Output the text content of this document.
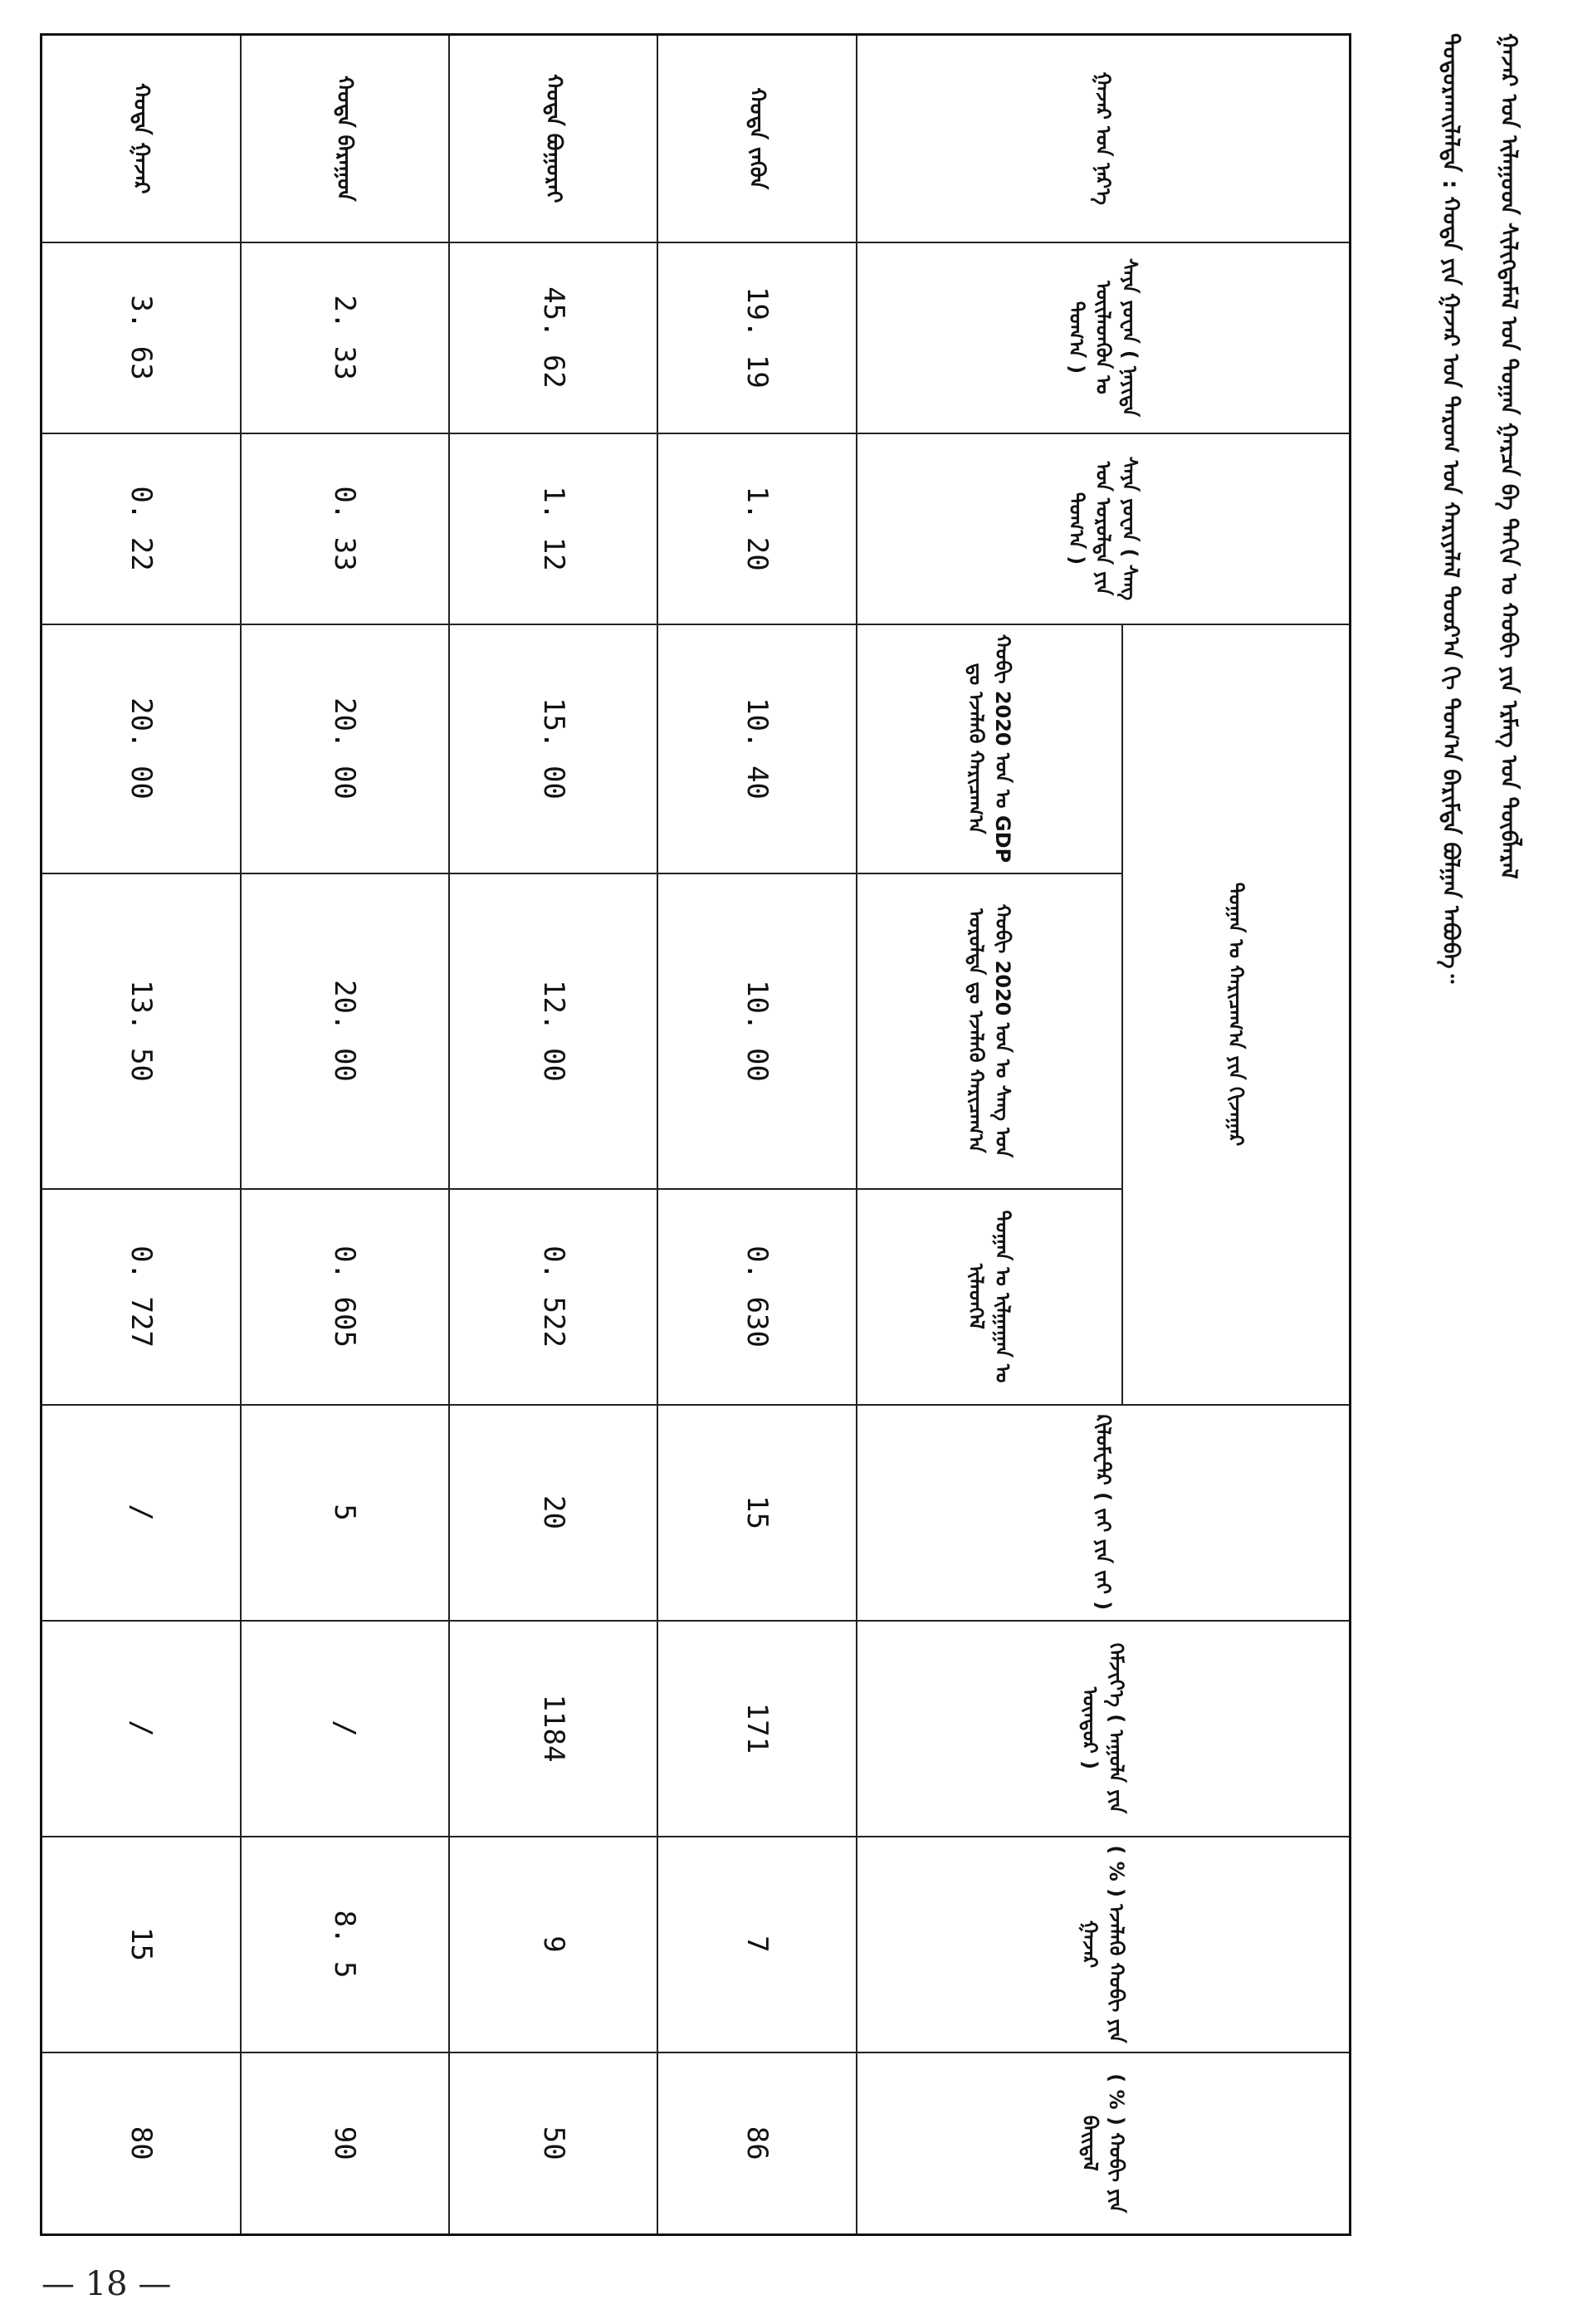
ᠭᠠᠵᠠᠷ ᠤᠨ ᠢᠯᠠᠭᠤᠳ ᠰᠢᠯᠢᠭᠳᠡᠮᠡᠯ ᠤᠨ ᠲᠣᠭᠠᠨ ᠭᠠᠷᠴᠠ ᠪᠠ ᠲᠡᠬᠢᠨ ᠤ ᠬᠤᠪᠢ ᠶᠢᠨ ᠡᠷᠮᠡᠭ ᠤᠨ ᠲᠥᠪᠯᠡᠷᠡᠯ
ᠲᠣᠳᠣᠷᠬᠠᠢᠯᠠᠯᠲᠠ : ᠬᠣᠲᠠ ᠶᠢᠨ ᠭᠠᠵᠠᠷ ᠤᠨ ᠳᠠᠷᠤᠭ ᠤᠨ ᠬᠠᠷᠢᠶᠠᠯᠠᠯ ᠳᠣᠣᠷ᠎ᠠ ᠬᠢ ᠲᠣᠭ᠎ᠠ ᠪᠠᠷᠢᠮᠲᠠ ᠪᠣᠯᠭᠠᠨ ᠠᠪᠤᠪᠠ᠃
ᠭᠠᠵᠠᠷ ᠤᠨ ᠨᠡᠷ᠎ᠡ	ᠰᠠᠶᠠ ᠶᠤᠸᠠᠨ ( ᠨᠡᠶᠢᠲᠡ ᠦᠢᠯᠡᠳᠬᠦᠨ ᠤ ᠲᠣᠭ᠎ᠠ )	ᠰᠠᠶᠠ ᠶᠤᠸᠠᠨ ( ᠰᠠᠩ ᠤᠨ ᠣᠷᠣᠯᠲᠠ ᠶᠢᠨ ᠲᠣᠭ᠎ᠠ )	ᠲᠣᠭᠠᠨ ᠤ ᠬᠠᠷᠢᠴᠠᠭ᠎ᠠ ᠶᠢᠨ ᠬᠢᠵᠠᠭᠠᠷ			ᠺᠢᠯᠣᠮᠧᠲ᠋ᠷ ( ᠵᠠᠢ ᠶᠢᠨ ᠵᠠᠢ )	ᠬᠡᠮᠵᠢᠶ᠎ᠡ ( ᠠᠭᠤᠯᠠ ᠶᠢᠨ ᠥᠨᠳᠥᠷ )	( % ) ᠡᠵᠡᠯᠡᠬᠦ ᠬᠤᠪᠢ ᠶᠢᠨ ᠭᠠᠵᠠᠷ	( % ) ᠬᠤᠪᠢ ᠶᠢᠨ ᠪᠠᠢᠳᠠᠯ
			ᠬᠤᠪᠢ 2020 ᠣᠨ ᠤ GDP ᠳᠤ ᠡᠵᠡᠯᠡᠬᠦ ᠬᠠᠷᠢᠴᠠᠭ᠎ᠠ	ᠬᠤᠪᠢ 2020 ᠣᠨ ᠤ ᠰᠠᠩ ᠤᠨ ᠣᠷᠣᠯᠲᠠ ᠳᠤ ᠡᠵᠡᠯᠡᠬᠦ ᠬᠠᠷᠢᠴᠠᠭ᠎ᠠ	ᠲᠣᠭᠠᠨ ᠤ ᠢᠯᠭᠠᠭᠠᠨ ᠤ ᠢᠯᠡᠳᠬᠡᠯ				
ᠬᠣᠲᠠ ᠵᠡᠭᠦᠨ	19. 19	1. 20	10. 40	10. 00	0. 630	15	171	7	86
ᠬᠣᠲᠠ ᠪᠣᠭᠣᠷᠠᠢ	45. 62	1. 12	15. 00	12. 00	0. 522	20	1184	9	50
ᠬᠣᠲᠠ ᠪᠠᠷᠠᠭᠤᠨ	2. 33	0. 33	20. 00	20. 00	0. 605	5	/	8. 5	90
ᠬᠣᠲᠠ ᠭᠠᠵᠠᠷ	3. 63	0. 22	20. 00	13. 50	0. 727	/	/	15	80
— 18 —
